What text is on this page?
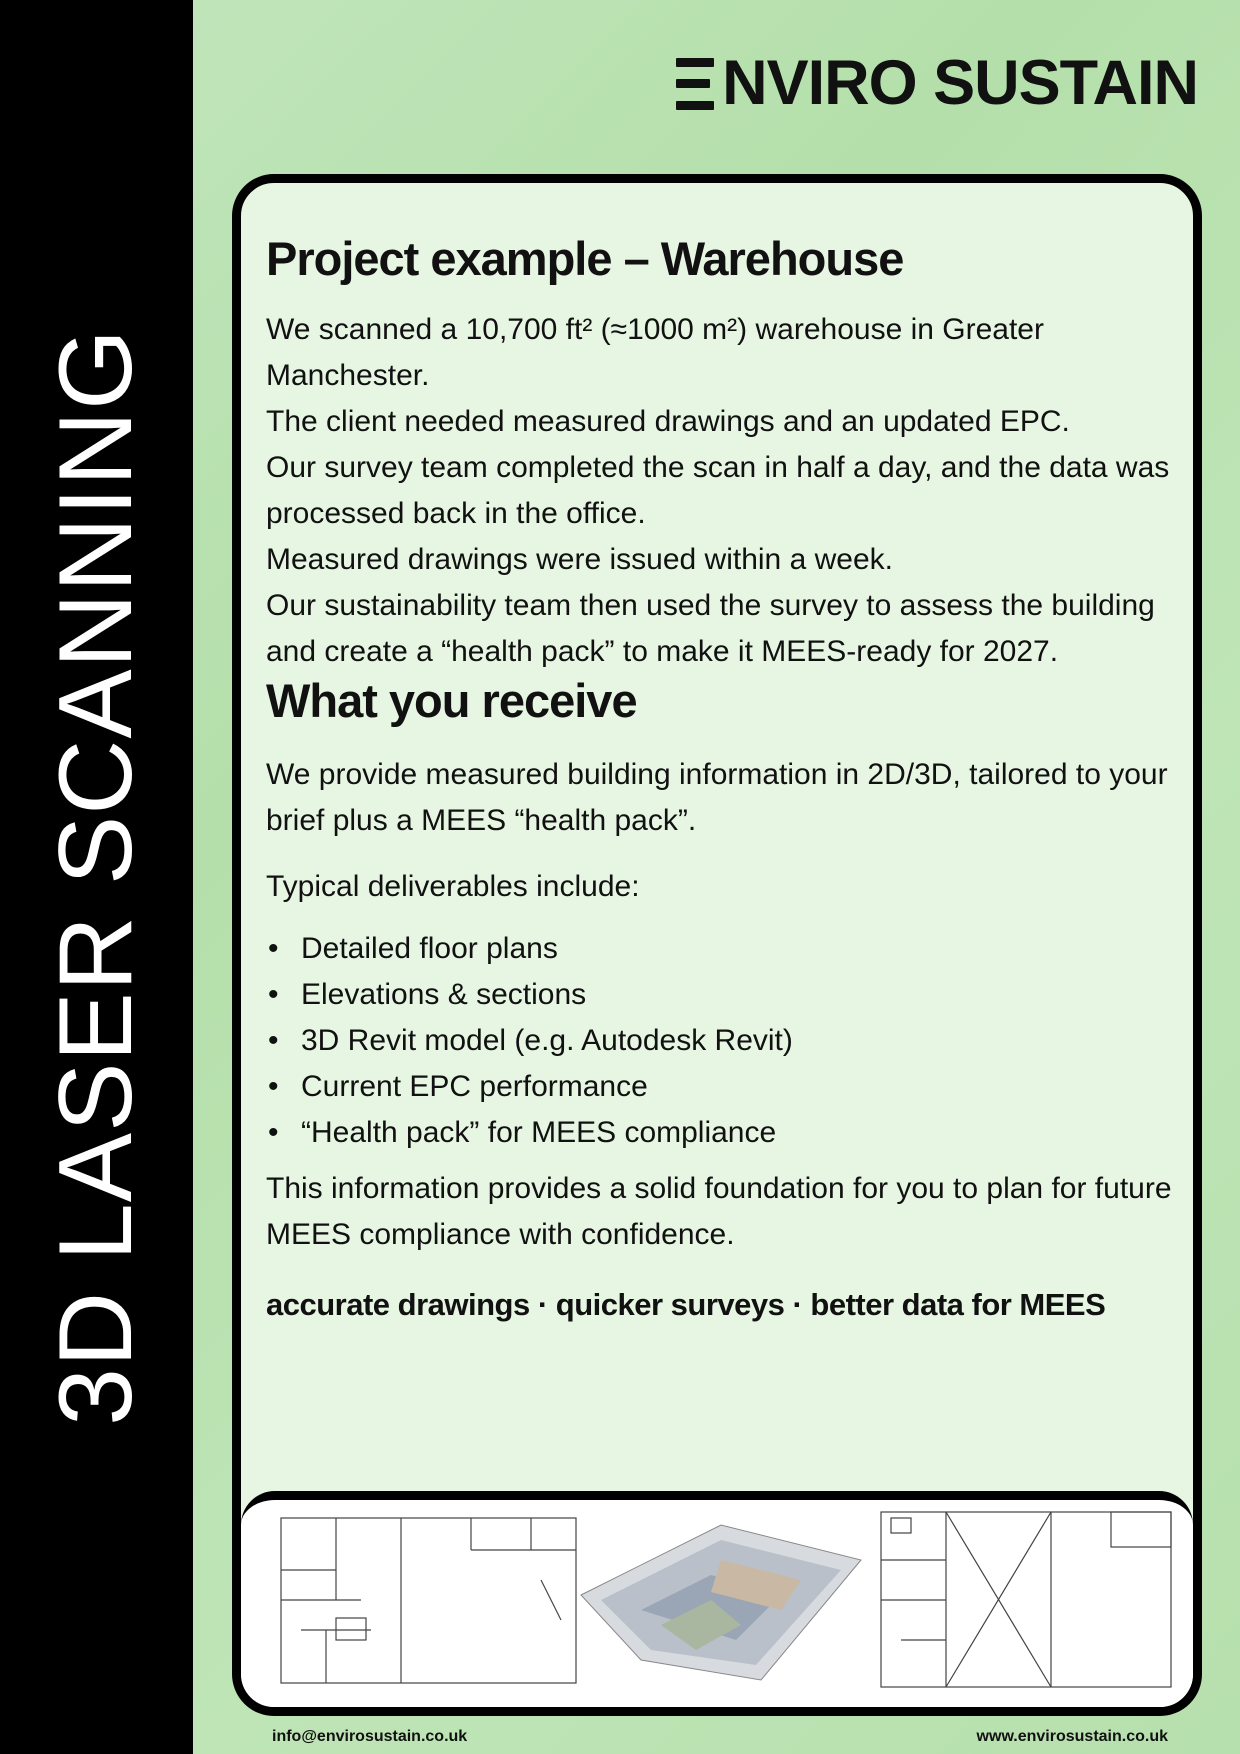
3D LASER SCANNING
NVIRO SUSTAIN
Project example – Warehouse

We scanned a 10,700 ft² (≈1000 m²) warehouse in Greater Manchester.

The client needed measured drawings and an updated EPC.

Our survey team completed the scan in half a day, and the data was processed back in the office.

Measured drawings were issued within a week.

Our sustainability team then used the survey to assess the building and create a “health pack” to make it MEES-ready for 2027.

What you receive

We provide measured building information in 2D/3D, tailored to your brief plus a MEES “health pack”.

Typical deliverables include:

• Detailed floor plans
• Elevations & sections
• 3D Revit model (e.g. Autodesk Revit)
• Current EPC performance
• “Health pack” for MEES compliance

This information provides a solid foundation for you to plan for future MEES compliance with confidence.

accurate drawings · quicker surveys · better data for MEES
info@envirosustain.co.uk	www.envirosustain.co.uk
